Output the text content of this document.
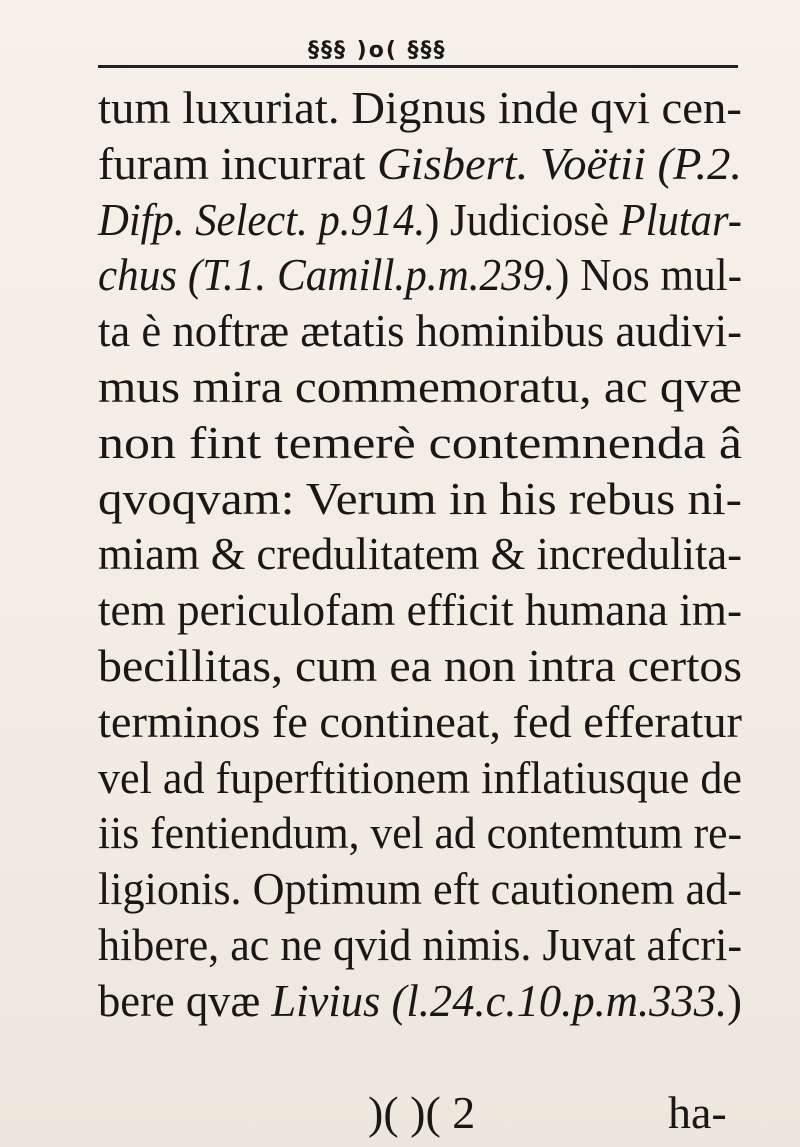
§§§ )o( §§§
tum luxuriat. Dignus inde qvi cen-
furam incurrat Gisbert. Voëtii (P.2.
Difp. Select. p.914.) Judiciosè Plutar-
chus (T.1. Camill.p.m.239.) Nos mul-
ta è noftræ ætatis hominibus audivi-
mus mira commemoratu, ac qvæ
non fint temerè contemnenda â
qvoqvam: Verum in his rebus ni-
miam & credulitatem & incredulita-
tem periculofam efficit humana im-
becillitas, cum ea non intra certos
terminos fe contineat, fed efferatur
vel ad fuperftitionem inflatiusque de
iis fentiendum, vel ad contemtum re-
ligionis. Optimum eft cautionem ad-
hibere, ac ne qvid nimis. Juvat afcri-
bere qvæ Livius (l.24.c.10.p.m.333.)
)( )( 2	ha-
